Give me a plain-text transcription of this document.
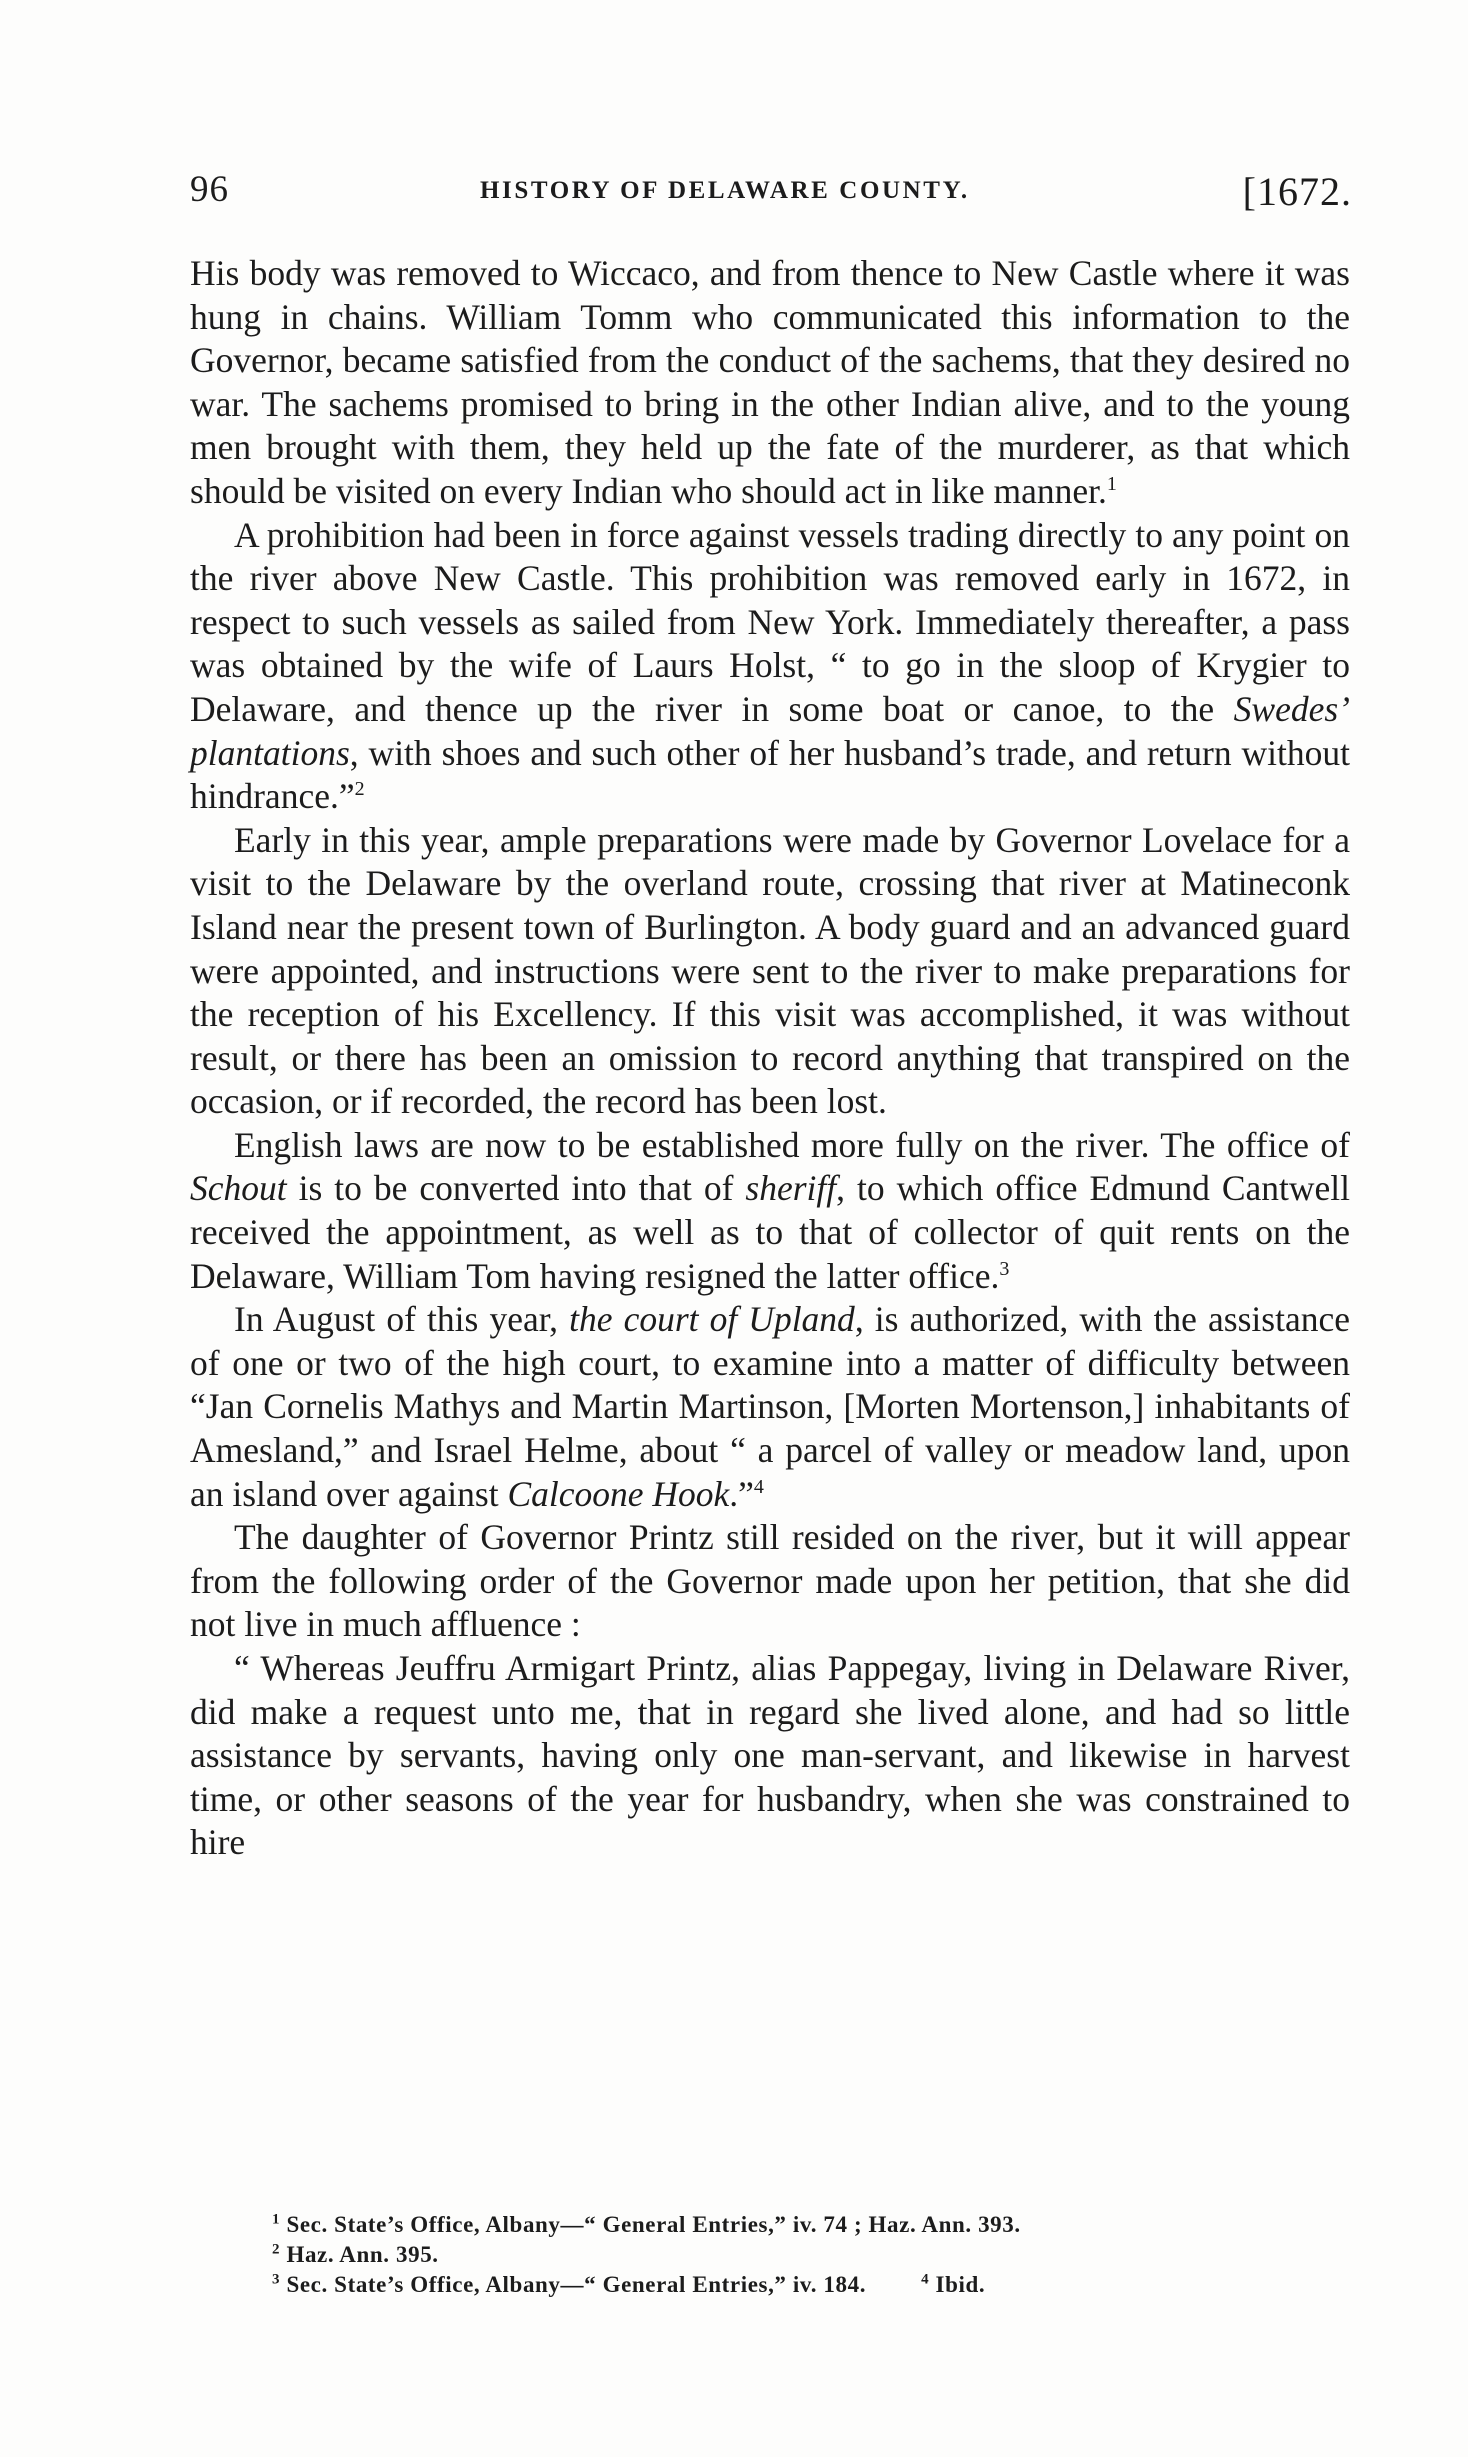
96	HISTORY OF DELAWARE COUNTY.	[1672.

His body was removed to Wiccaco, and from thence to New Castle where it was hung in chains. William Tomm who communicated this information to the Governor, became satisfied from the conduct of the sachems, that they desired no war. The sachems promised to bring in the other Indian alive, and to the young men brought with them, they held up the fate of the murderer, as that which should be visited on every Indian who should act in like manner.$^1$

A prohibition had been in force against vessels trading directly to any point on the river above New Castle. This prohibition was removed early in 1672, in respect to such vessels as sailed from New York. Immediately thereafter, a pass was obtained by the wife of Laurs Holst, “ to go in the sloop of Krygier to Delaware, and thence up the river in some boat or canoe, to the Swedes’ plantations, with shoes and such other of her husband’s trade, and return without hindrance.”$^2$

Early in this year, ample preparations were made by Governor Lovelace for a visit to the Delaware by the overland route, crossing that river at Matineconk Island near the present town of Burlington. A body guard and an advanced guard were appointed, and instructions were sent to the river to make preparations for the reception of his Excellency. If this visit was accomplished, it was without result, or there has been an omission to record anything that transpired on the occasion, or if recorded, the record has been lost.

English laws are now to be established more fully on the river. The office of Schout is to be converted into that of sheriff, to which office Edmund Cantwell received the appointment, as well as to that of collector of quit rents on the Delaware, William Tom having resigned the latter office.$^3$

In August of this year, the court of Upland, is authorized, with the assistance of one or two of the high court, to examine into a matter of difficulty between “Jan Cornelis Mathys and Martin Martinson, [Morten Mortenson,] inhabitants of Amesland,” and Israel Helme, about “ a parcel of valley or meadow land, upon an island over against Calcoone Hook.”$^4$

The daughter of Governor Printz still resided on the river, but it will appear from the following order of the Governor made upon her petition, that she did not live in much affluence :

“ Whereas Jeuffru Armigart Printz, alias Pappegay, living in Delaware River, did make a request unto me, that in regard she lived alone, and had so little assistance by servants, having only one man-servant, and likewise in harvest time, or other seasons of the year for husbandry, when she was constrained to hire

$^1$ Sec. State’s Office, Albany—“ General Entries,” iv. 74 ; Haz. Ann. 393.
$^2$ Haz. Ann. 395.
$^3$ Sec. State’s Office, Albany—“ General Entries,” iv. 184.	$^4$ Ibid.
